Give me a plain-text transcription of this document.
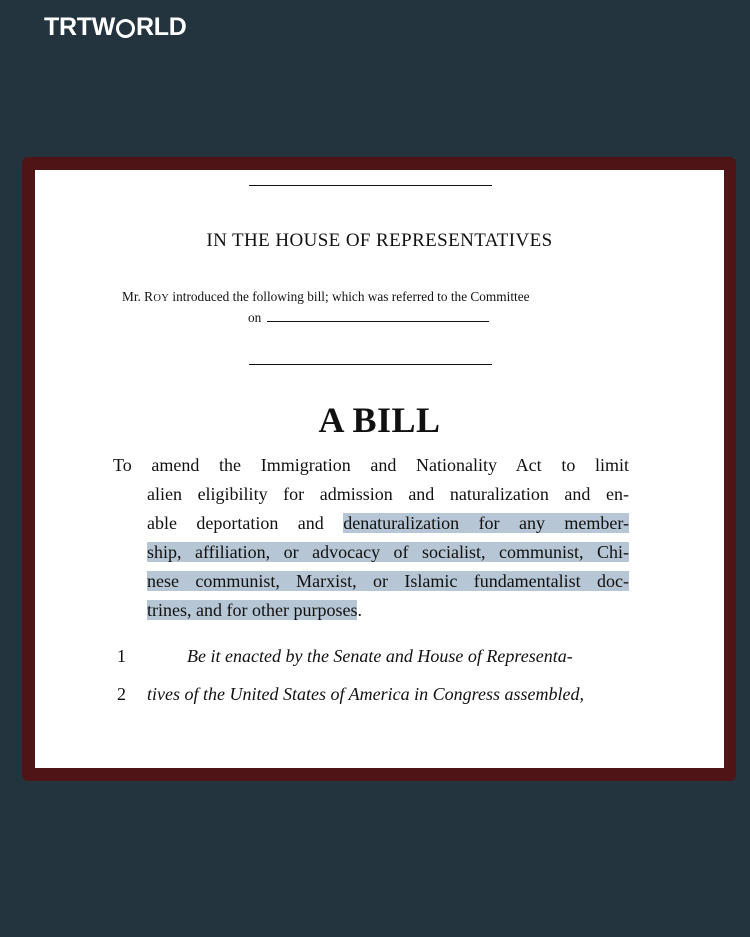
TRT W RLD
IN THE HOUSE OF REPRESENTATIVES
Mr. ROY introduced the following bill; which was referred to the Committee
on
A BILL
To amend the Immigration and Nationality Act to limit
alien eligibility for admission and naturalization and en-
able deportation and denaturalization for any member-
ship, affiliation, or advocacy of socialist, communist, Chi-
nese communist, Marxist, or Islamic fundamentalist doc-
trines, and for other purposes.
1	Be it enacted by the Senate and House of Representa-
2	tives of the United States of America in Congress assembled,
